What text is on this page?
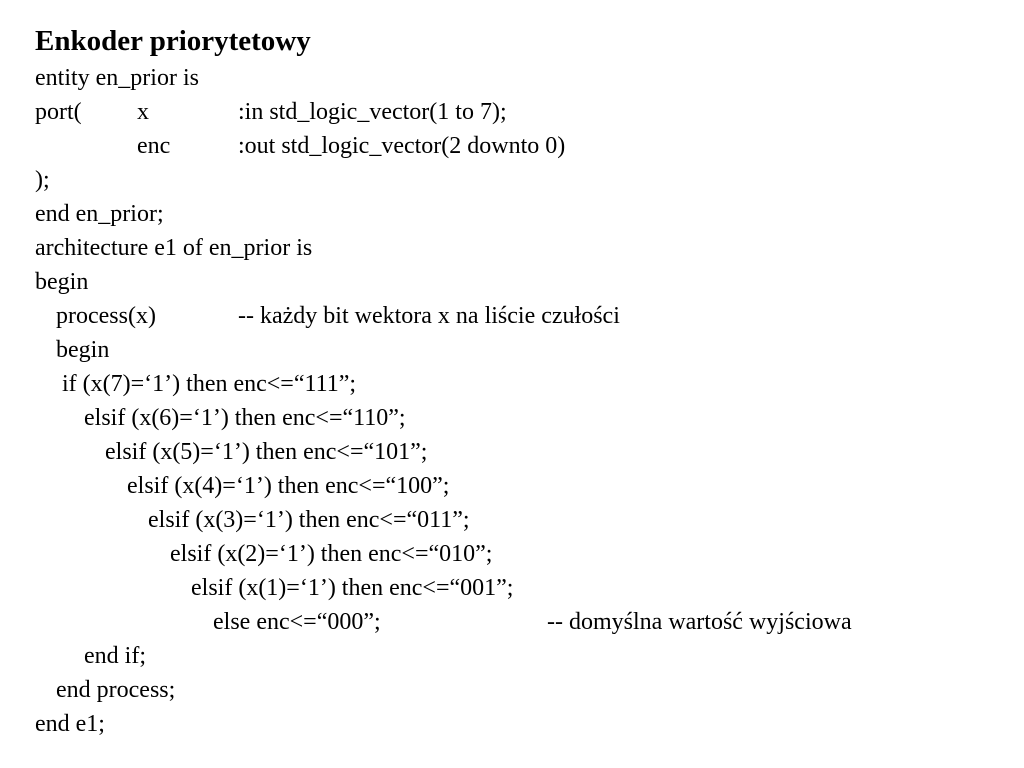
Enkoder priorytetowy
entity en_prior is
port( x	:in std_logic_vector(1 to 7);
enc	:out std_logic_vector(2 downto 0)
);
end en_prior;
architecture e1 of en_prior is
begin
process(x)	-- każdy bit wektora x na liście czułości
begin
if (x(7)=‘1’) then enc<=“111”;
elsif (x(6)=‘1’) then enc<=“110”;
elsif (x(5)=‘1’) then enc<=“101”;
elsif (x(4)=‘1’) then enc<=“100”;
elsif (x(3)=‘1’) then enc<=“011”;
elsif (x(2)=‘1’) then enc<=“010”;
elsif (x(1)=‘1’) then enc<=“001”;
else enc<=“000”;	-- domyślna wartość wyjściowa
end if;
end process;
end e1;
